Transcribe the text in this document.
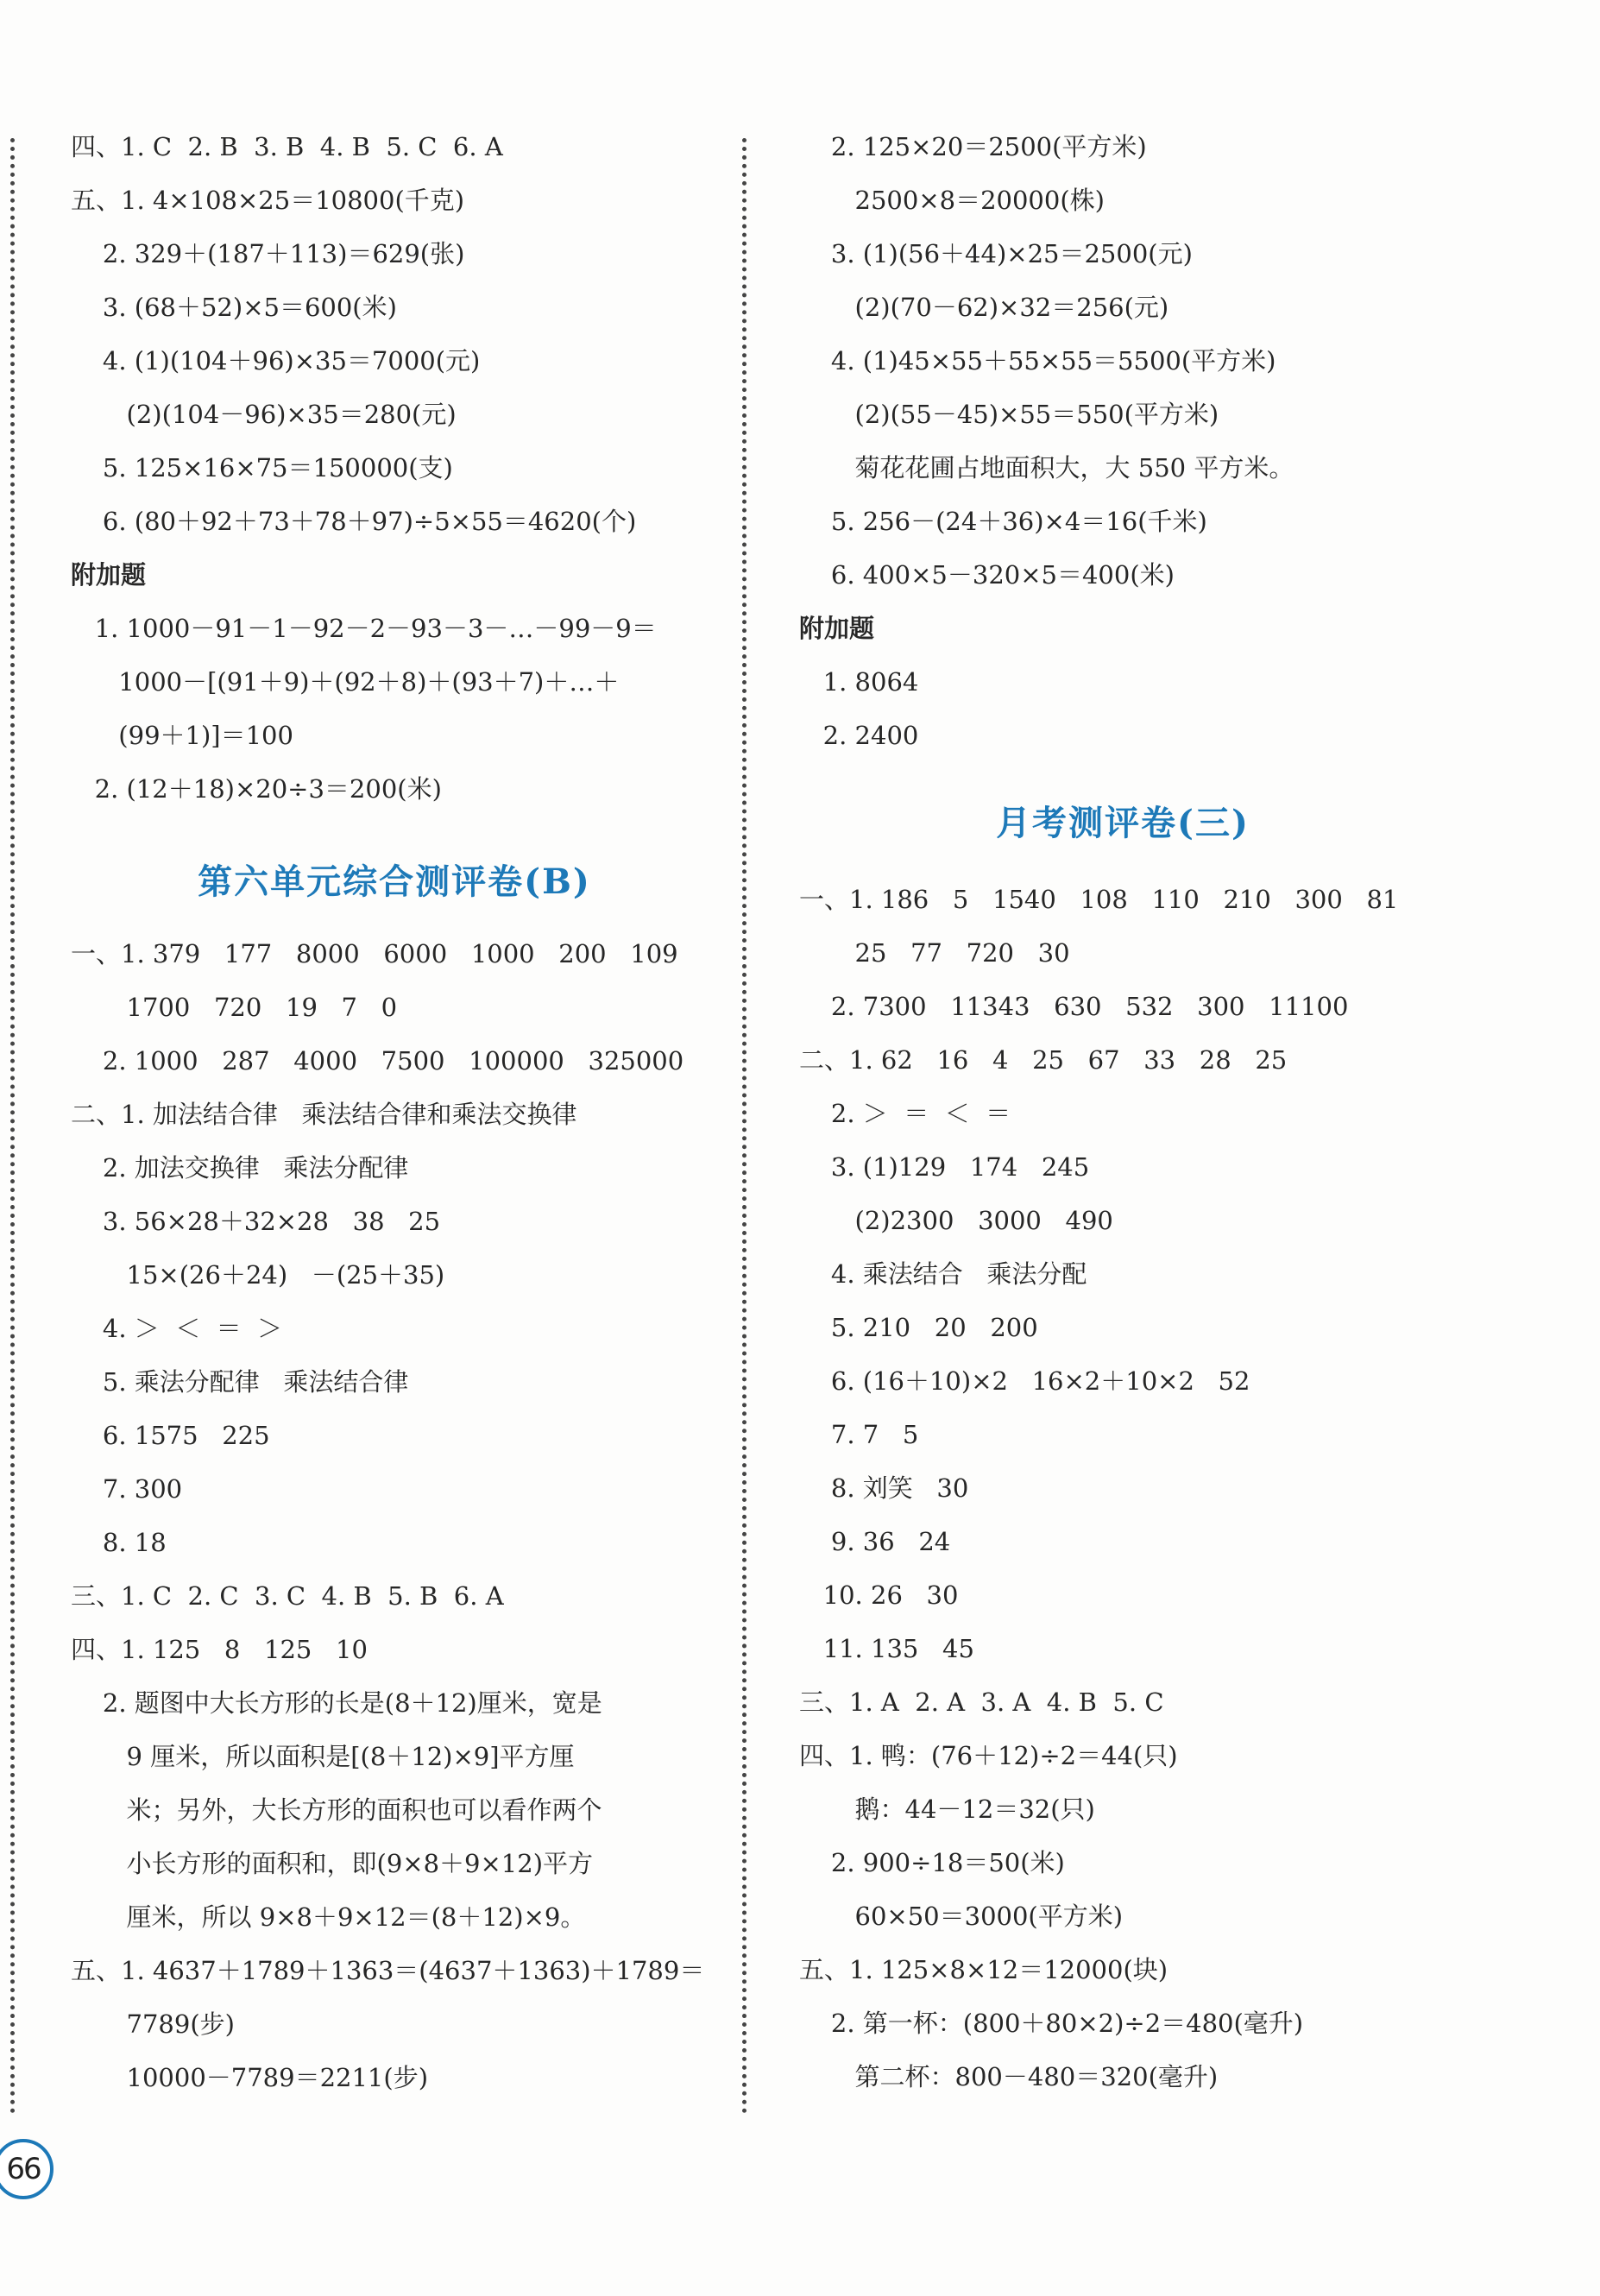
四、1. C  2. B  3. B  4. B  5. C  6. A
五、1. 4×108×25＝10800(千克)
2. 329＋(187＋113)＝629(张)
3. (68＋52)×5＝600(米)
4. (1)(104＋96)×35＝7000(元)
(2)(104－96)×35＝280(元)
5. 125×16×75＝150000(支)
6. (80＋92＋73＋78＋97)÷5×55＝4620(个)
附加题
1. 1000－91－1－92－2－93－3－…－99－9＝
1000－[(91＋9)＋(92＋8)＋(93＋7)＋…＋
(99＋1)]＝100
2. (12＋18)×20÷3＝200(米)
第六单元综合测评卷(B)
一、1. 379   177   8000   6000   1000   200   109
1700   720   19   7   0
2. 1000   287   4000   7500   100000   325000
二、1. 加法结合律   乘法结合律和乘法交换律
2. 加法交换律   乘法分配律
3. 56×28＋32×28   38   25
15×(26＋24)   －(25＋35)
4. ＞  ＜  ＝  ＞
5. 乘法分配律   乘法结合律
6. 1575   225
7. 300
8. 18
三、1. C  2. C  3. C  4. B  5. B  6. A
四、1. 125   8   125   10
2. 题图中大长方形的长是(8＋12)厘米，宽是
9 厘米，所以面积是[(8＋12)×9]平方厘
米；另外，大长方形的面积也可以看作两个
小长方形的面积和，即(9×8＋9×12)平方
厘米，所以 9×8＋9×12＝(8＋12)×9。
五、1. 4637＋1789＋1363＝(4637＋1363)＋1789＝
7789(步)
10000－7789＝2211(步)
2. 125×20＝2500(平方米)
2500×8＝20000(株)
3. (1)(56＋44)×25＝2500(元)
(2)(70－62)×32＝256(元)
4. (1)45×55＋55×55＝5500(平方米)
(2)(55－45)×55＝550(平方米)
菊花花圃占地面积大，大 550 平方米。
5. 256－(24＋36)×4＝16(千米)
6. 400×5－320×5＝400(米)
附加题
1. 8064
2. 2400
月考测评卷(三)
一、1. 186   5   1540   108   110   210   300   81
25   77   720   30
2. 7300   11343   630   532   300   11100
二、1. 62   16   4   25   67   33   28   25
2. ＞  ＝  ＜  ＝
3. (1)129   174   245
(2)2300   3000   490
4. 乘法结合   乘法分配
5. 210   20   200
6. (16＋10)×2   16×2＋10×2   52
7. 7   5
8. 刘笑   30
9. 36   24
10. 26   30
11. 135   45
三、1. A  2. A  3. A  4. B  5. C
四、1. 鸭：(76＋12)÷2＝44(只)
鹅：44－12＝32(只)
2. 900÷18＝50(米)
60×50＝3000(平方米)
五、1. 125×8×12＝12000(块)
2. 第一杯：(800＋80×2)÷2＝480(毫升)
第二杯：800－480＝320(毫升)
66
